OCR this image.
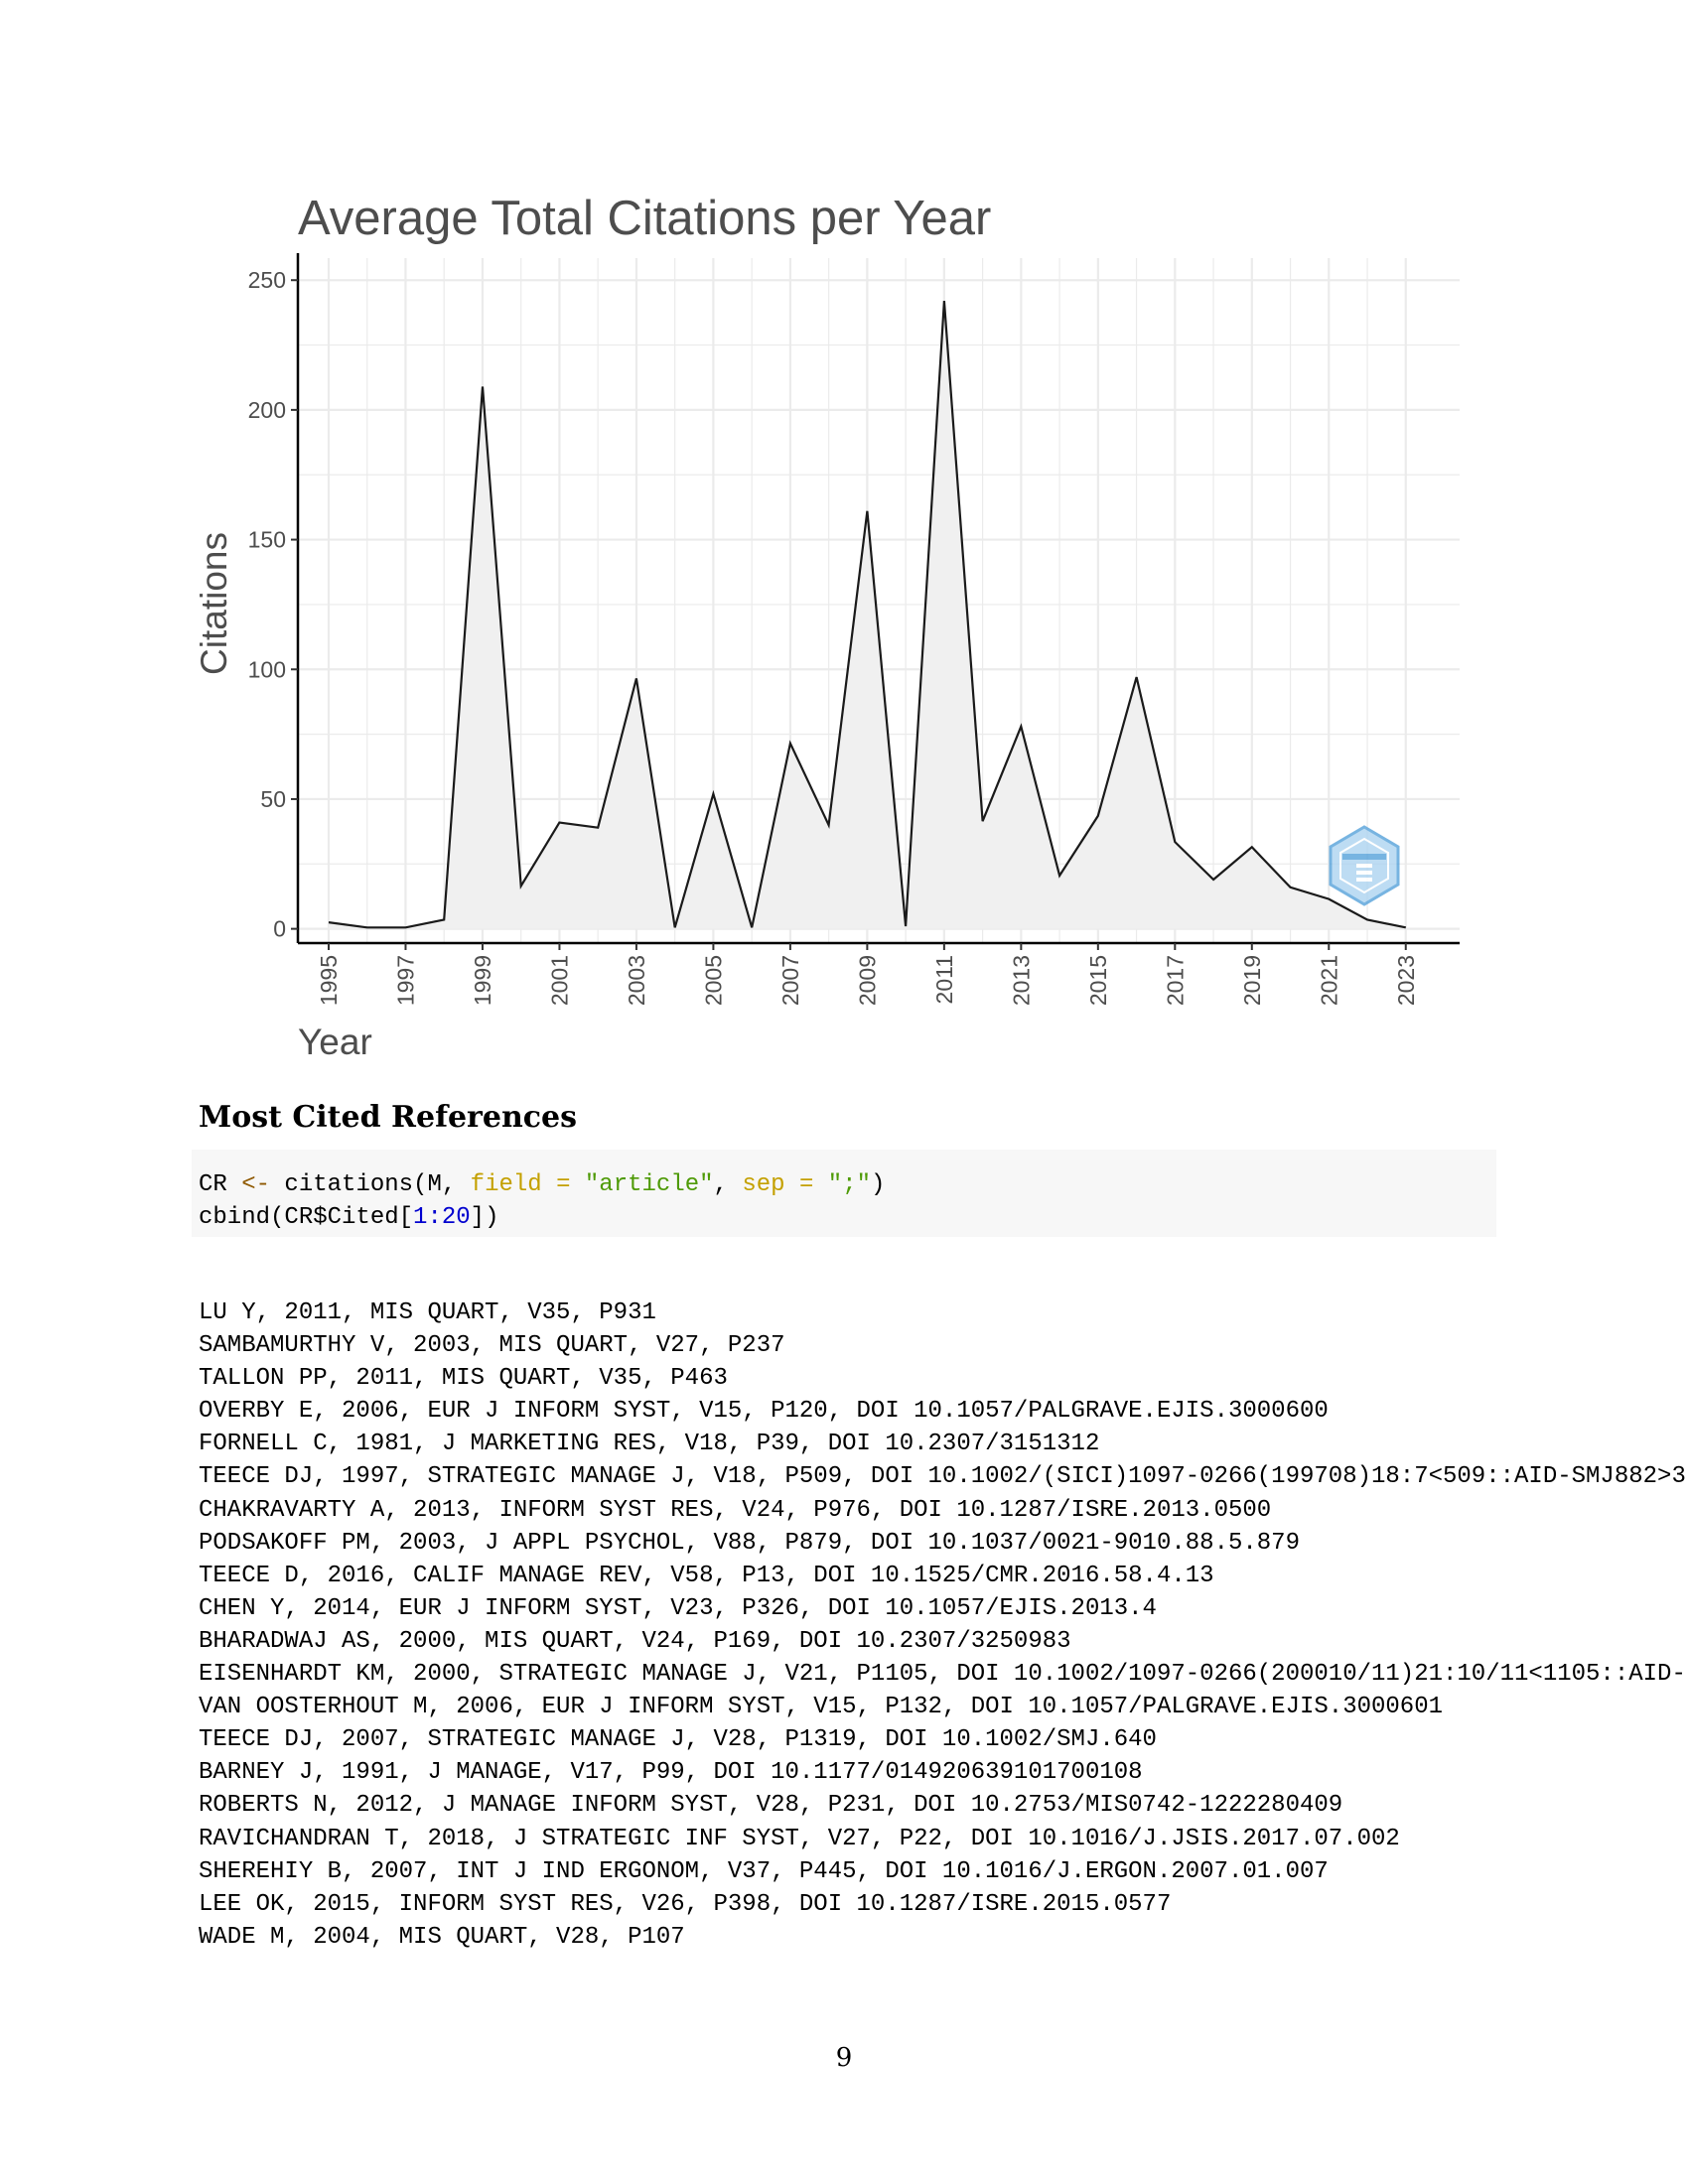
0
50
100
150
200
250
1995 1997 1999 2001 2003 2005 2007 2009 2011 2013 2015 2017 2019 2021 2023
Average Total Citations per Year
Citations
Year
Most Cited References
CR <- citations(M, field = "article", sep = ";")
cbind(CR$Cited[1:20])
LU Y, 2011, MIS QUART, V35, P931
SAMBAMURTHY V, 2003, MIS QUART, V27, P237
TALLON PP, 2011, MIS QUART, V35, P463
OVERBY E, 2006, EUR J INFORM SYST, V15, P120, DOI 10.1057/PALGRAVE.EJIS.3000600
FORNELL C, 1981, J MARKETING RES, V18, P39, DOI 10.2307/3151312
TEECE DJ, 1997, STRATEGIC MANAGE J, V18, P509, DOI 10.1002/(SICI)1097-0266(199708)18:7<509::AID-SMJ882>3
CHAKRAVARTY A, 2013, INFORM SYST RES, V24, P976, DOI 10.1287/ISRE.2013.0500
PODSAKOFF PM, 2003, J APPL PSYCHOL, V88, P879, DOI 10.1037/0021-9010.88.5.879
TEECE D, 2016, CALIF MANAGE REV, V58, P13, DOI 10.1525/CMR.2016.58.4.13
CHEN Y, 2014, EUR J INFORM SYST, V23, P326, DOI 10.1057/EJIS.2013.4
BHARADWAJ AS, 2000, MIS QUART, V24, P169, DOI 10.2307/3250983
EISENHARDT KM, 2000, STRATEGIC MANAGE J, V21, P1105, DOI 10.1002/1097-0266(200010/11)21:10/11<1105::AID-
VAN OOSTERHOUT M, 2006, EUR J INFORM SYST, V15, P132, DOI 10.1057/PALGRAVE.EJIS.3000601
TEECE DJ, 2007, STRATEGIC MANAGE J, V28, P1319, DOI 10.1002/SMJ.640
BARNEY J, 1991, J MANAGE, V17, P99, DOI 10.1177/014920639101700108
ROBERTS N, 2012, J MANAGE INFORM SYST, V28, P231, DOI 10.2753/MIS0742-1222280409
RAVICHANDRAN T, 2018, J STRATEGIC INF SYST, V27, P22, DOI 10.1016/J.JSIS.2017.07.002
SHEREHIY B, 2007, INT J IND ERGONOM, V37, P445, DOI 10.1016/J.ERGON.2007.01.007
LEE OK, 2015, INFORM SYST RES, V26, P398, DOI 10.1287/ISRE.2015.0577
WADE M, 2004, MIS QUART, V28, P107
9
